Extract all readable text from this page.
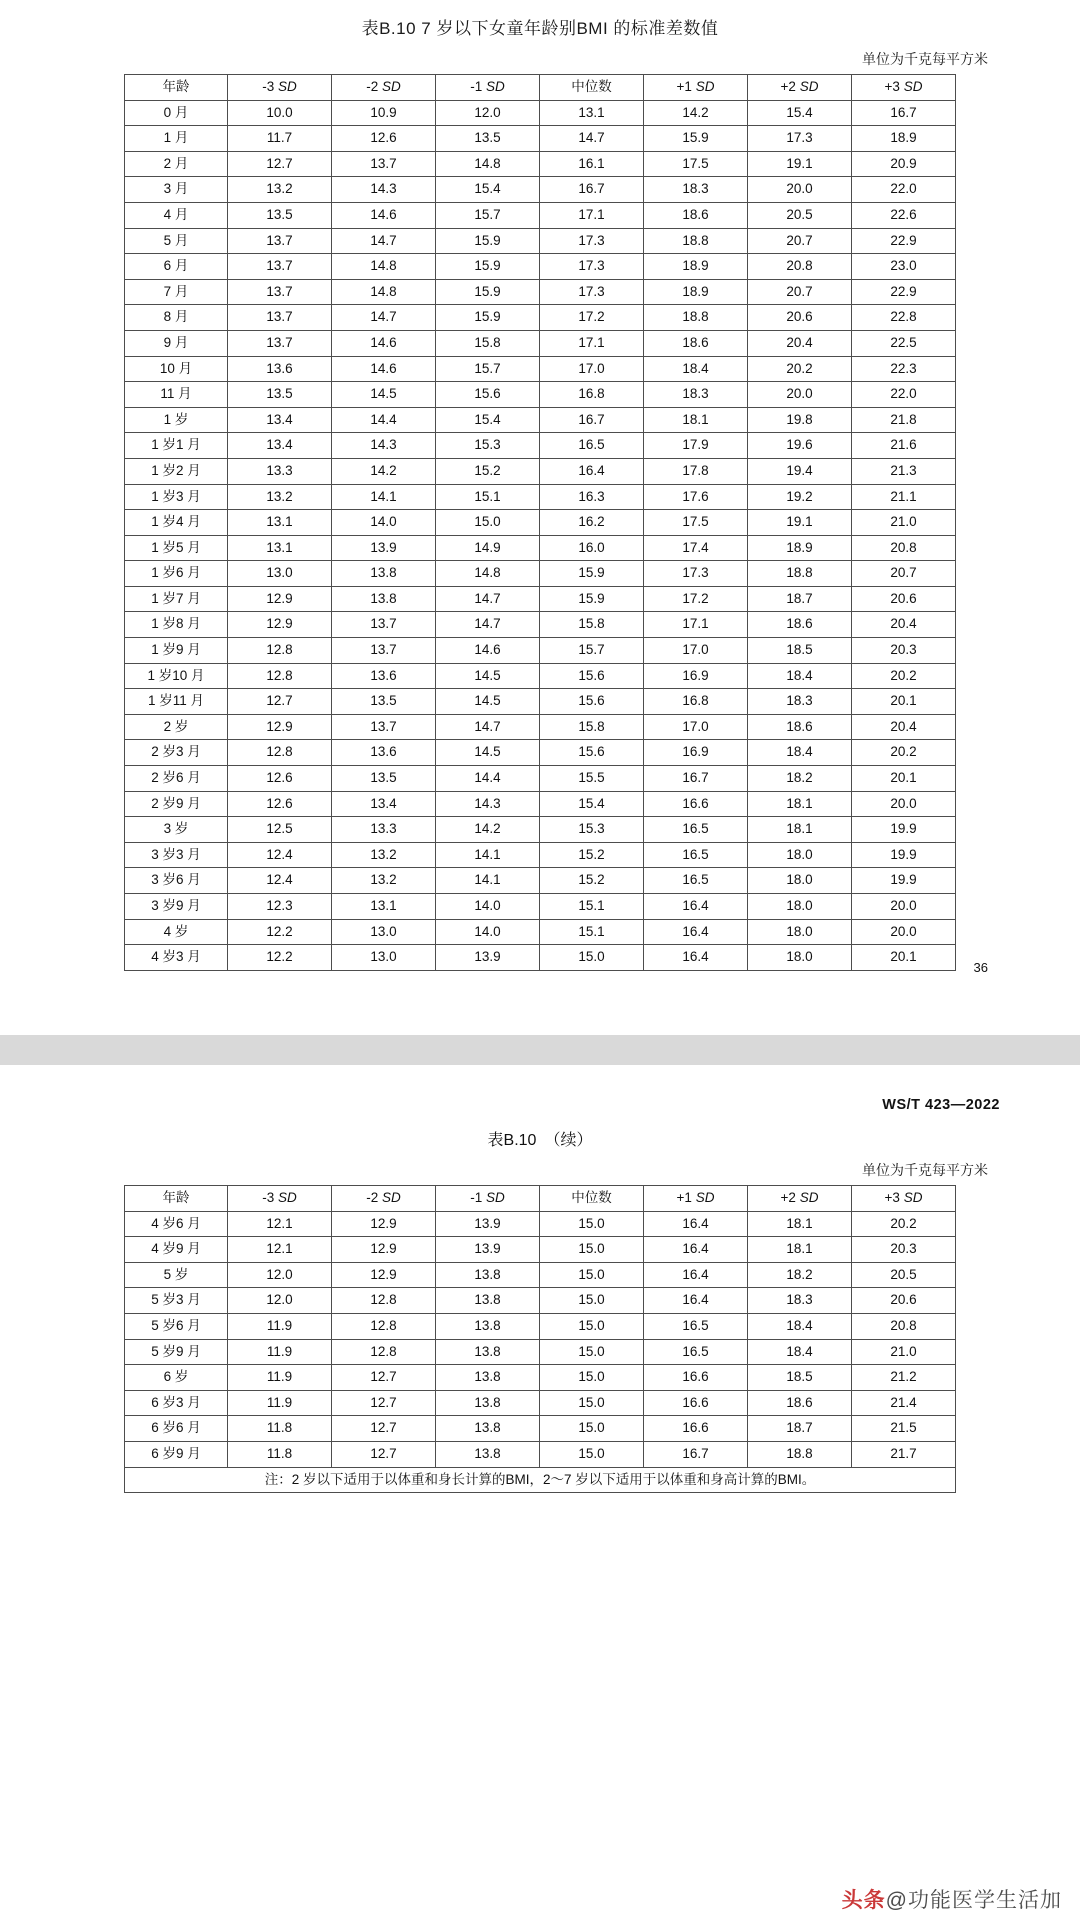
表B.10 7 岁以下女童年龄别BMI 的标准差数值
单位为千克每平方米
年龄	-3 SD	-2 SD	-1 SD	中位数	+1 SD	+2 SD	+3 SD
0 月	10.0	10.9	12.0	13.1	14.2	15.4	16.7
1 月	11.7	12.6	13.5	14.7	15.9	17.3	18.9
2 月	12.7	13.7	14.8	16.1	17.5	19.1	20.9
3 月	13.2	14.3	15.4	16.7	18.3	20.0	22.0
4 月	13.5	14.6	15.7	17.1	18.6	20.5	22.6
5 月	13.7	14.7	15.9	17.3	18.8	20.7	22.9
6 月	13.7	14.8	15.9	17.3	18.9	20.8	23.0
7 月	13.7	14.8	15.9	17.3	18.9	20.7	22.9
8 月	13.7	14.7	15.9	17.2	18.8	20.6	22.8
9 月	13.7	14.6	15.8	17.1	18.6	20.4	22.5
10 月	13.6	14.6	15.7	17.0	18.4	20.2	22.3
11 月	13.5	14.5	15.6	16.8	18.3	20.0	22.0
1 岁	13.4	14.4	15.4	16.7	18.1	19.8	21.8
1 岁1 月	13.4	14.3	15.3	16.5	17.9	19.6	21.6
1 岁2 月	13.3	14.2	15.2	16.4	17.8	19.4	21.3
1 岁3 月	13.2	14.1	15.1	16.3	17.6	19.2	21.1
1 岁4 月	13.1	14.0	15.0	16.2	17.5	19.1	21.0
1 岁5 月	13.1	13.9	14.9	16.0	17.4	18.9	20.8
1 岁6 月	13.0	13.8	14.8	15.9	17.3	18.8	20.7
1 岁7 月	12.9	13.8	14.7	15.9	17.2	18.7	20.6
1 岁8 月	12.9	13.7	14.7	15.8	17.1	18.6	20.4
1 岁9 月	12.8	13.7	14.6	15.7	17.0	18.5	20.3
1 岁10 月	12.8	13.6	14.5	15.6	16.9	18.4	20.2
1 岁11 月	12.7	13.5	14.5	15.6	16.8	18.3	20.1
2 岁	12.9	13.7	14.7	15.8	17.0	18.6	20.4
2 岁3 月	12.8	13.6	14.5	15.6	16.9	18.4	20.2
2 岁6 月	12.6	13.5	14.4	15.5	16.7	18.2	20.1
2 岁9 月	12.6	13.4	14.3	15.4	16.6	18.1	20.0
3 岁	12.5	13.3	14.2	15.3	16.5	18.1	19.9
3 岁3 月	12.4	13.2	14.1	15.2	16.5	18.0	19.9
3 岁6 月	12.4	13.2	14.1	15.2	16.5	18.0	19.9
3 岁9 月	12.3	13.1	14.0	15.1	16.4	18.0	20.0
4 岁	12.2	13.0	14.0	15.1	16.4	18.0	20.0
4 岁3 月	12.2	13.0	13.9	15.0	16.4	18.0	20.1
36
WS/T 423—2022
表B.10　（续）
单位为千克每平方米
年龄	-3 SD	-2 SD	-1 SD	中位数	+1 SD	+2 SD	+3 SD
4 岁6 月	12.1	12.9	13.9	15.0	16.4	18.1	20.2
4 岁9 月	12.1	12.9	13.9	15.0	16.4	18.1	20.3
5 岁	12.0	12.9	13.8	15.0	16.4	18.2	20.5
5 岁3 月	12.0	12.8	13.8	15.0	16.4	18.3	20.6
5 岁6 月	11.9	12.8	13.8	15.0	16.5	18.4	20.8
5 岁9 月	11.9	12.8	13.8	15.0	16.5	18.4	21.0
6 岁	11.9	12.7	13.8	15.0	16.6	18.5	21.2
6 岁3 月	11.9	12.7	13.8	15.0	16.6	18.6	21.4
6 岁6 月	11.8	12.7	13.8	15.0	16.6	18.7	21.5
6 岁9 月	11.8	12.7	13.8	15.0	16.7	18.8	21.7
注：2 岁以下适用于以体重和身长计算的BMI，2～7 岁以下适用于以体重和身高计算的BMI。							
头条@功能医学生活加
